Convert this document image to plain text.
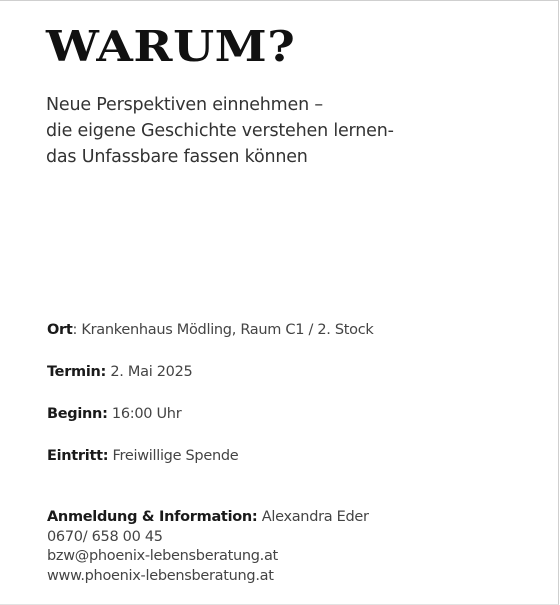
WARUM?
Neue Perspektiven einnehmen –
die eigene Geschichte verstehen lernen-
das Unfassbare fassen können
Ort: Krankenhaus Mödling, Raum C1 / 2. Stock
Termin: 2. Mai 2025
Beginn: 16:00 Uhr
Eintritt: Freiwillige Spende
Anmeldung & Information: Alexandra Eder
0670/ 658 00 45
bzw@phoenix-lebensberatung.at
www.phoenix-lebensberatung.at
